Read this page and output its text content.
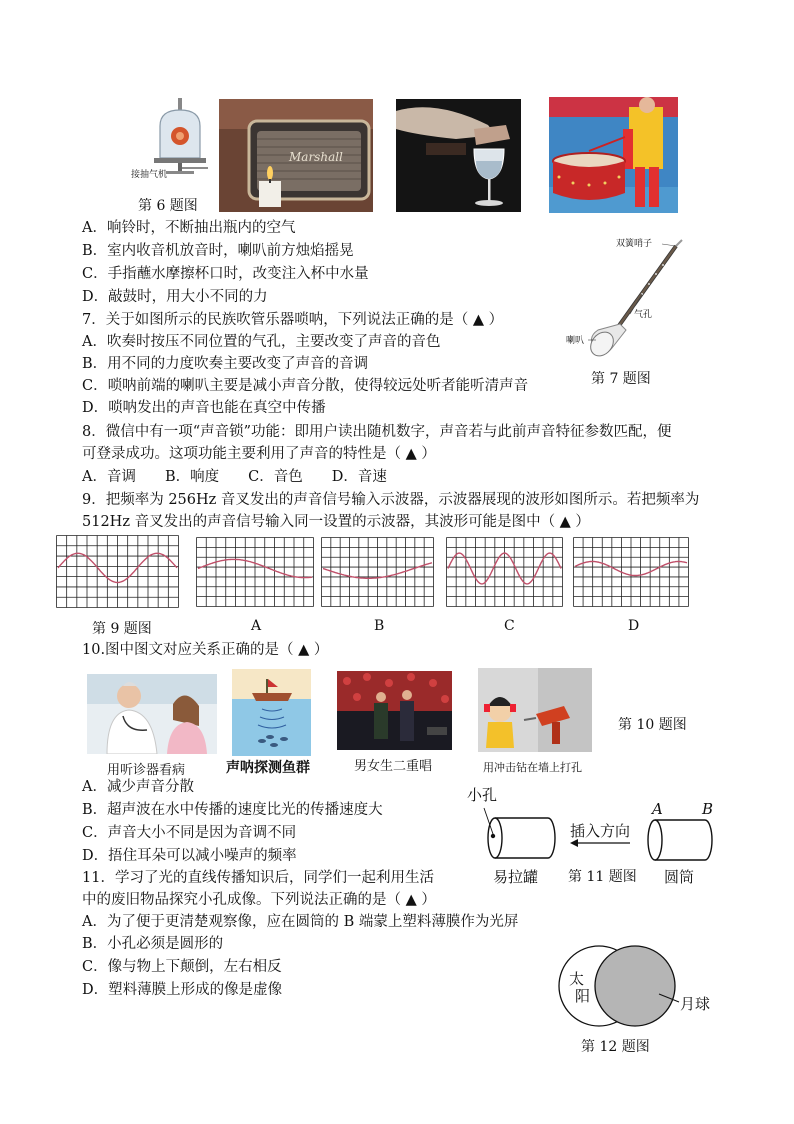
接抽气机
Marshall
第 6 题图
A．响铃时，不断抽出瓶内的空气
B．室内收音机放音时，喇叭前方烛焰摇晃
C．手指蘸水摩擦杯口时，改变注入杯中水量
D．敲鼓时，用大小不同的力
7．关于如图所示的民族吹管乐器唢呐，下列说法正确的是（ ▲ ）
A．吹奏时按压不同位置的气孔，主要改变了声音的音色
B．用不同的力度吹奏主要改变了声音的音调
C．唢呐前端的喇叭主要是减小声音分散，使得较远处听者能听清声音
D．唢呐发出的声音也能在真空中传播
双簧哨子
气孔
喇叭
第 7 题图
8．微信中有一项“声音锁”功能：即用户读出随机数字，声音若与此前声音特征参数匹配，便
可登录成功。这项功能主要利用了声音的特性是（ ▲ ）
A．音调　　B．响度　　C．音色　　D．音速
9．把频率为 256Hz 音叉发出的声音信号输入示波器，示波器展现的波形如图所示。若把频率为
512Hz 音叉发出的声音信号输入同一设置的示波器，其波形可能是图中（ ▲ ）
第 9 题图	A	B	C	D
10.图中图文对应关系正确的是（ ▲ ）
用听诊器看病	声呐探测鱼群	男女生二重唱	用冲击钻在墙上打孔
第 10 题图
A．减少声音分散
B．超声波在水中传播的速度比光的传播速度大
C．声音大小不同是因为音调不同
D．捂住耳朵可以减小噪声的频率
11．学习了光的直线传播知识后，同学们一起利用生活
中的废旧物品探究小孔成像。下列说法正确的是（ ▲ ）
A．为了便于更清楚观察像，应在圆筒的 B 端蒙上塑料薄膜作为光屏
B．小孔必须是圆形的
C．像与物上下颠倒，左右相反
D．塑料薄膜上形成的像是虚像
小孔
插入方向
A	B
易拉罐 第 11 题图 圆筒
太
阳	月球
第 12 题图
